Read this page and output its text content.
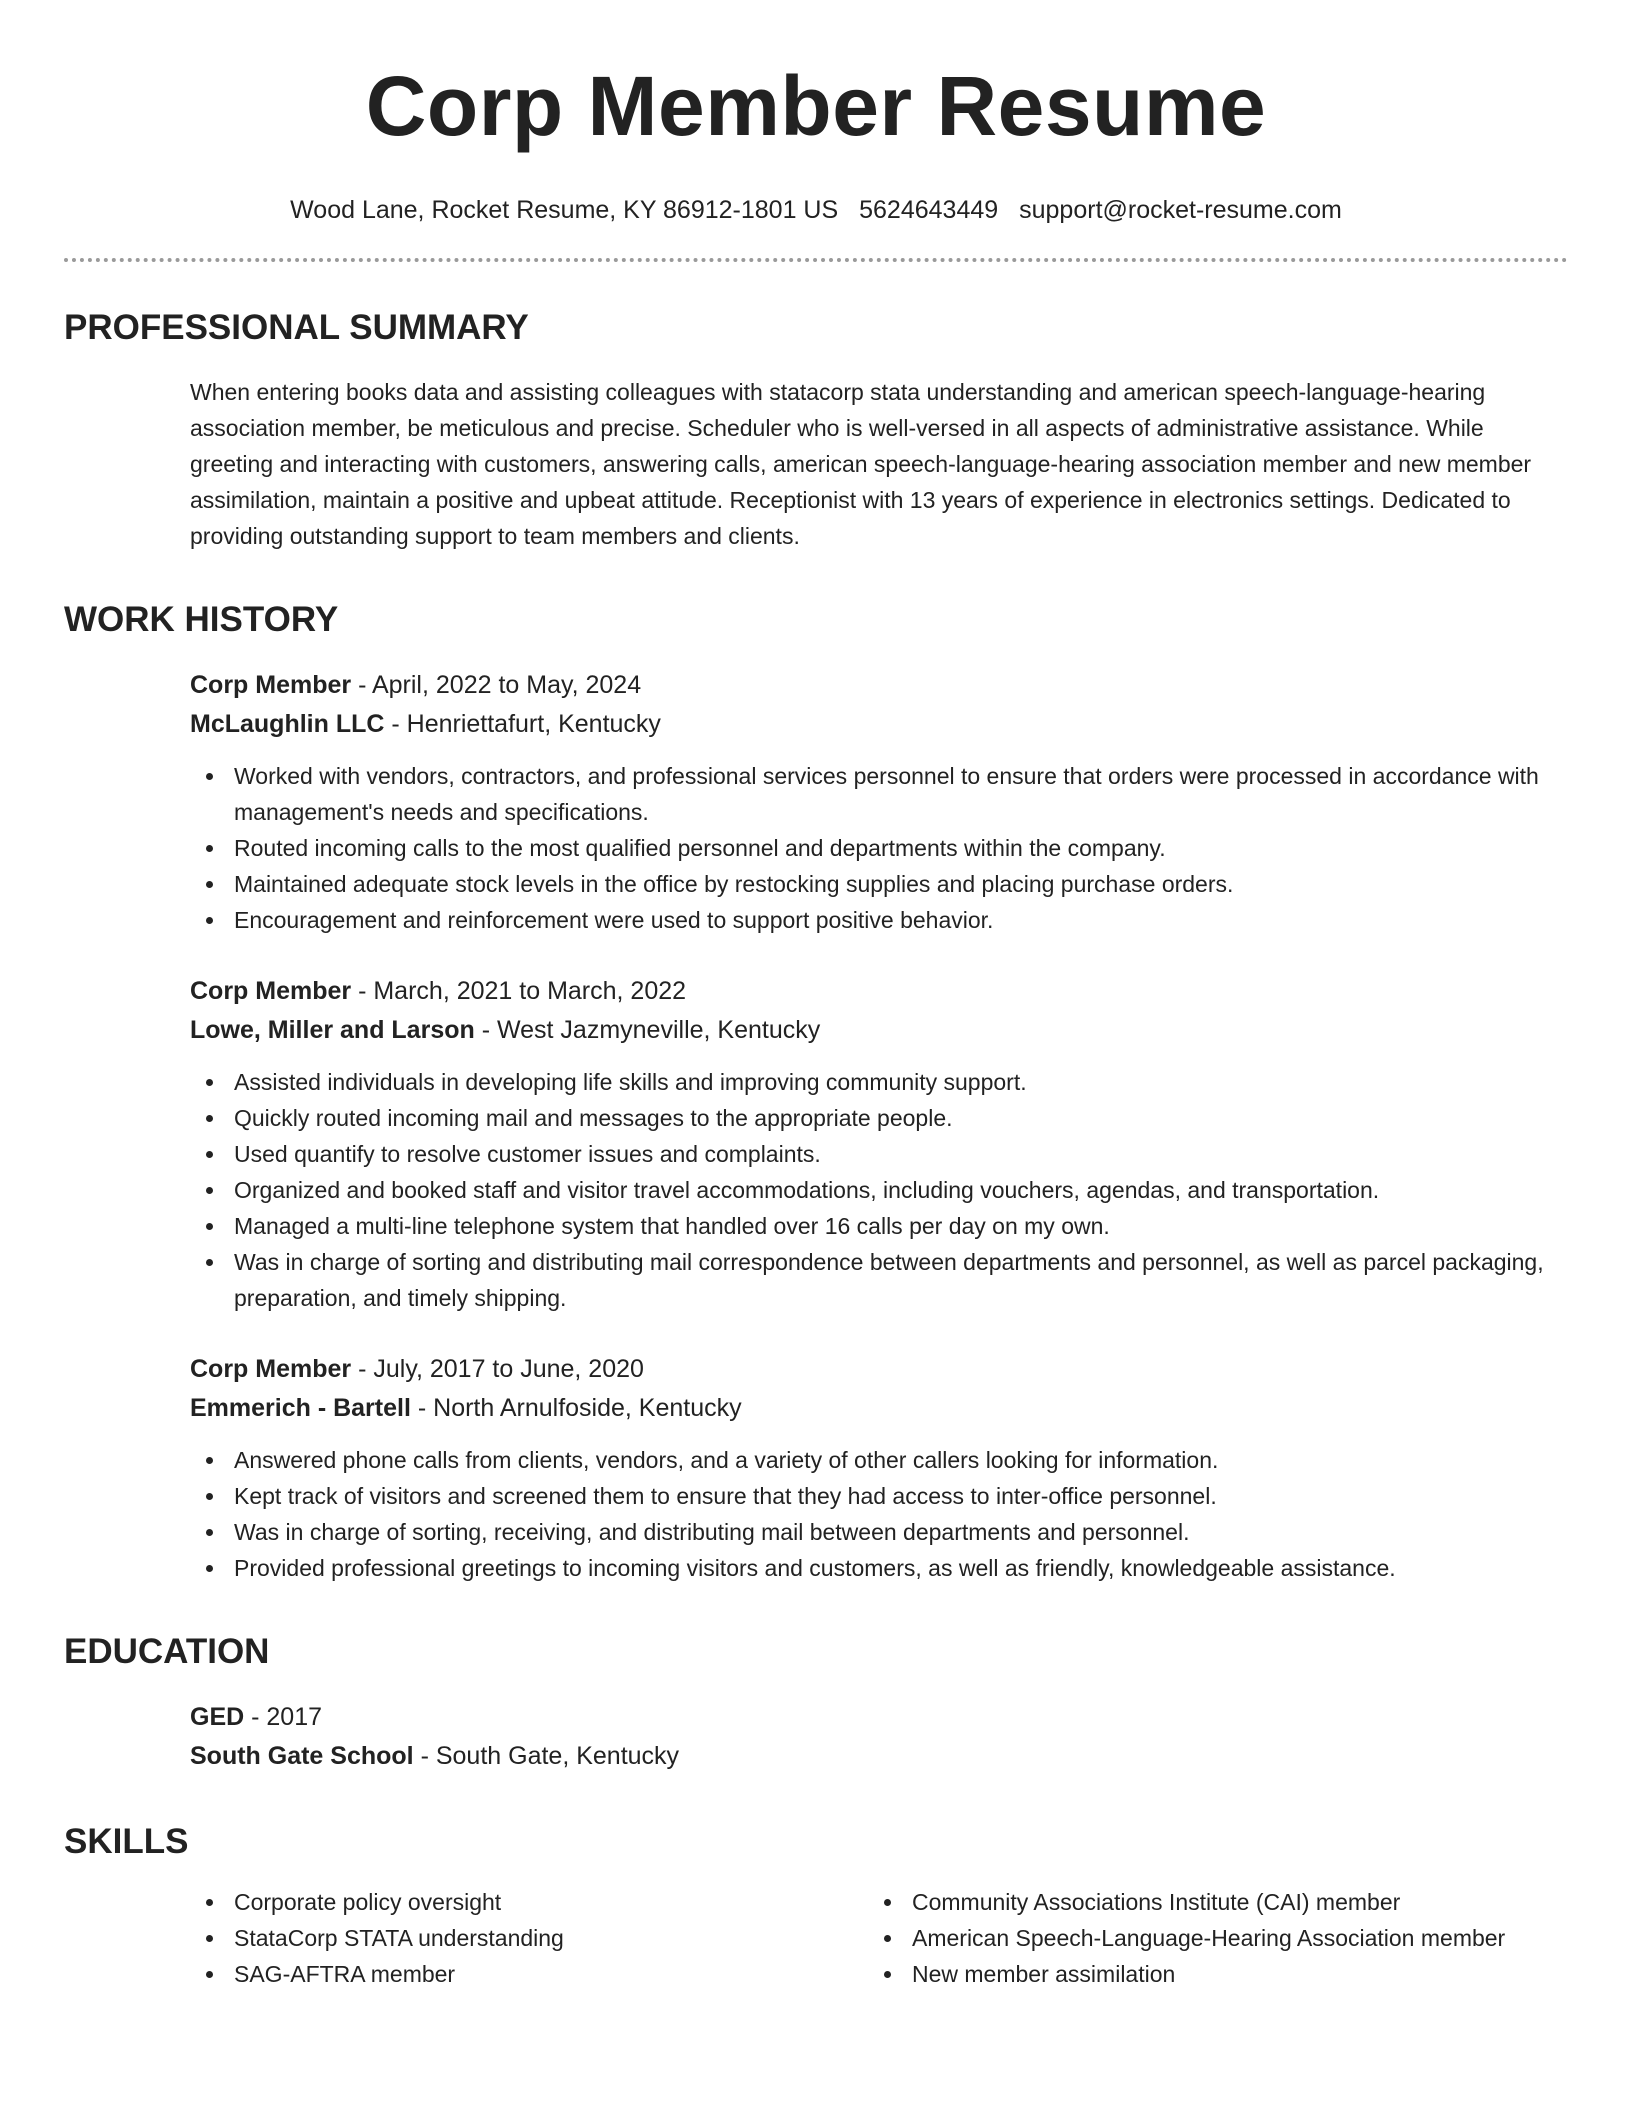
Corp Member Resume
Wood Lane, Rocket Resume, KY 86912-1801 US 5624643449 support@rocket-resume.com
PROFESSIONAL SUMMARY

When entering books data and assisting colleagues with statacorp stata understanding and american speech-language-hearing association member, be meticulous and precise. Scheduler who is well-versed in all aspects of administrative assistance. While greeting and interacting with customers, answering calls, american speech-language-hearing association member and new member assimilation, maintain a positive and upbeat attitude. Receptionist with 13 years of experience in electronics settings. Dedicated to providing outstanding support to team members and clients.

WORK HISTORY
Corp Member - April, 2022 to May, 2024
McLaughlin LLC - Henriettafurt, Kentucky
Worked with vendors, contractors, and professional services personnel to ensure that orders were processed in accordance with management's needs and specifications.
Routed incoming calls to the most qualified personnel and departments within the company.
Maintained adequate stock levels in the office by restocking supplies and placing purchase orders.
Encouragement and reinforcement were used to support positive behavior.
Corp Member - March, 2021 to March, 2022
Lowe, Miller and Larson - West Jazmyneville, Kentucky
Assisted individuals in developing life skills and improving community support.
Quickly routed incoming mail and messages to the appropriate people.
Used quantify to resolve customer issues and complaints.
Organized and booked staff and visitor travel accommodations, including vouchers, agendas, and transportation.
Managed a multi-line telephone system that handled over 16 calls per day on my own.
Was in charge of sorting and distributing mail correspondence between departments and personnel, as well as parcel packaging, preparation, and timely shipping.
Corp Member - July, 2017 to June, 2020
Emmerich - Bartell - North Arnulfoside, Kentucky
Answered phone calls from clients, vendors, and a variety of other callers looking for information.
Kept track of visitors and screened them to ensure that they had access to inter-office personnel.
Was in charge of sorting, receiving, and distributing mail between departments and personnel.
Provided professional greetings to incoming visitors and customers, as well as friendly, knowledgeable assistance.
EDUCATION
GED - 2017
South Gate School - South Gate, Kentucky
SKILLS
Corporate policy oversight
StataCorp STATA understanding
SAG-AFTRA member
Community Associations Institute (CAI) member
American Speech-Language-Hearing Association member
New member assimilation
